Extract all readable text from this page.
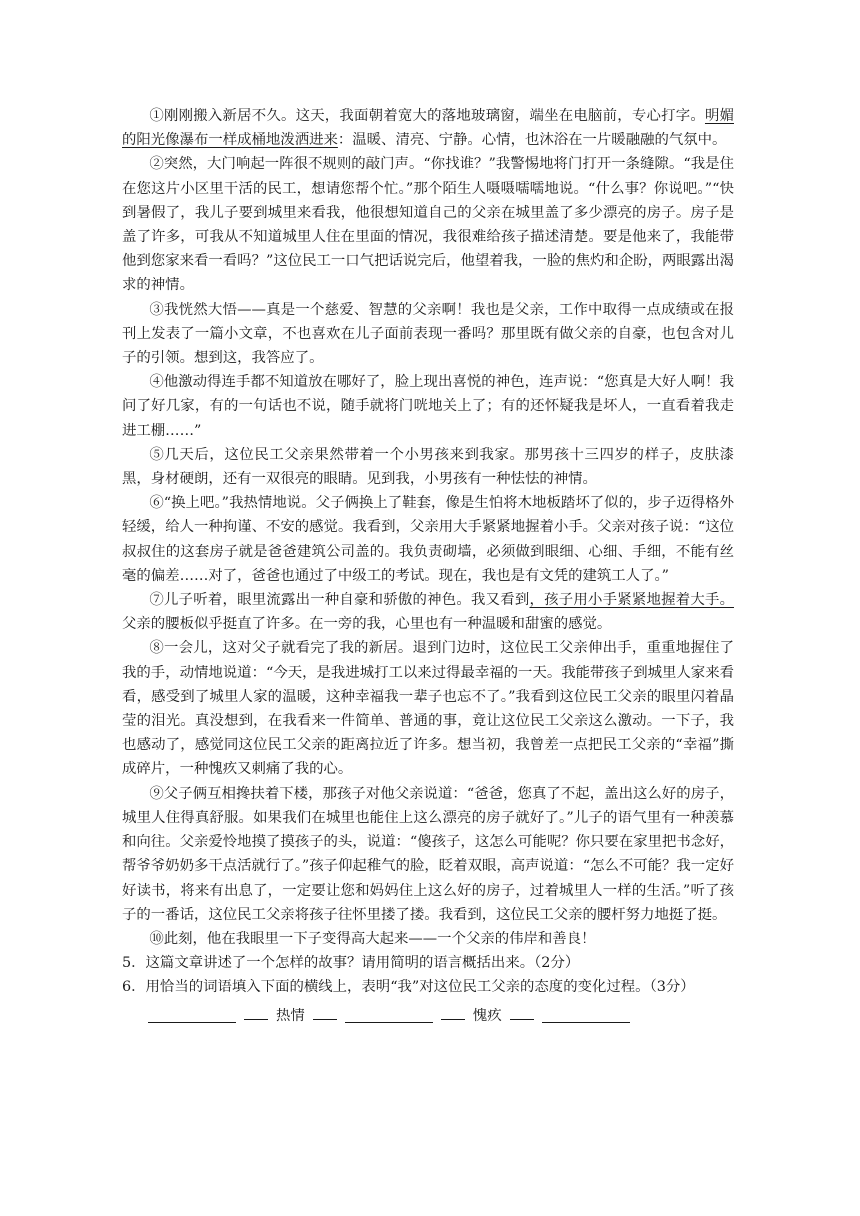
①刚刚搬入新居不久。这天，我面朝着宽大的落地玻璃窗，端坐在电脑前，专心打字。明媚的阳光像瀑布一样成桶地泼洒进来：温暖、清亮、宁静。心情，也沐浴在一片暖融融的气氛中。

②突然，大门响起一阵很不规则的敲门声。“你找谁？”我警惕地将门打开一条缝隙。“我是住在您这片小区里干活的民工，想请您帮个忙。”那个陌生人嗫嗫嚅嚅地说。“什么事？你说吧。”“快到暑假了，我儿子要到城里来看我，他很想知道自己的父亲在城里盖了多少漂亮的房子。房子是盖了许多，可我从不知道城里人住在里面的情况，我很难给孩子描述清楚。要是他来了，我能带他到您家来看一看吗？”这位民工一口气把话说完后，他望着我，一脸的焦灼和企盼，两眼露出渴求的神情。

③我恍然大悟——真是一个慈爱、智慧的父亲啊！我也是父亲，工作中取得一点成绩或在报刊上发表了一篇小文章，不也喜欢在儿子面前表现一番吗？那里既有做父亲的自豪，也包含对儿子的引领。想到这，我答应了。

④他激动得连手都不知道放在哪好了，脸上现出喜悦的神色，连声说：“您真是大好人啊！我问了好几家，有的一句话也不说，随手就将门咣地关上了；有的还怀疑我是坏人，一直看着我走进工棚……”

⑤几天后，这位民工父亲果然带着一个小男孩来到我家。那男孩十三四岁的样子，皮肤漆黑，身材硬朗，还有一双很亮的眼睛。见到我，小男孩有一种怯怯的神情。

⑥“换上吧。”我热情地说。父子俩换上了鞋套，像是生怕将木地板踏坏了似的，步子迈得格外轻缓，给人一种拘谨、不安的感觉。我看到，父亲用大手紧紧地握着小手。父亲对孩子说：“这位叔叔住的这套房子就是爸爸建筑公司盖的。我负责砌墙，必须做到眼细、心细、手细，不能有丝毫的偏差……对了，爸爸也通过了中级工的考试。现在，我也是有文凭的建筑工人了。”

⑦儿子听着，眼里流露出一种自豪和骄傲的神色。我又看到，孩子用小手紧紧地握着大手。父亲的腰板似乎挺直了许多。在一旁的我，心里也有一种温暖和甜蜜的感觉。

⑧一会儿，这对父子就看完了我的新居。退到门边时，这位民工父亲伸出手，重重地握住了我的手，动情地说道：“今天，是我进城打工以来过得最幸福的一天。我能带孩子到城里人家来看看，感受到了城里人家的温暖，这种幸福我一辈子也忘不了。”我看到这位民工父亲的眼里闪着晶莹的泪光。真没想到，在我看来一件简单、普通的事，竟让这位民工父亲这么激动。一下子，我也感动了，感觉同这位民工父亲的距离拉近了许多。想当初，我曾差一点把民工父亲的“幸福”撕成碎片，一种愧疚又刺痛了我的心。

⑨父子俩互相搀扶着下楼，那孩子对他父亲说道：“爸爸，您真了不起，盖出这么好的房子，城里人住得真舒服。如果我们在城里也能住上这么漂亮的房子就好了。”儿子的语气里有一种羡慕和向往。父亲爱怜地摸了摸孩子的头，说道：“傻孩子，这怎么可能呢？你只要在家里把书念好，帮爷爷奶奶多干点活就行了。”孩子仰起稚气的脸，眨着双眼，高声说道：“怎么不可能？我一定好好读书，将来有出息了，一定要让您和妈妈住上这么好的房子，过着城里人一样的生活。”听了孩子的一番话，这位民工父亲将孩子往怀里搂了搂。我看到，这位民工父亲的腰杆努力地挺了挺。

⑩此刻，他在我眼里一下子变得高大起来——一个父亲的伟岸和善良！

5．这篇文章讲述了一个怎样的故事？请用简明的语言概括出来。（2分）

6．用恰当的词语填入下面的横线上，表明“我”对这位民工父亲的态度的变化过程。（3分）

热情	愧疚
